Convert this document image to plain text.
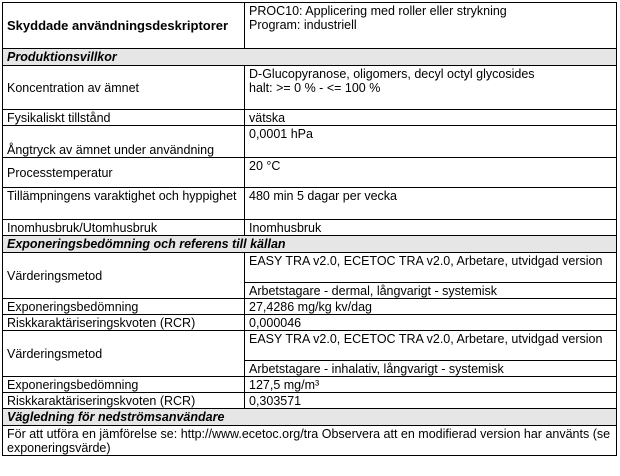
Skyddade användningsdeskriptorer	PROC10: Applicering med roller eller strykning
Program: industriell

Produktionsvillkor	
Koncentration av ämnet	D-Glucopyranose, oligomers, decyl octyl glycosides
halt: >= 0 % - <= 100 %

Fysikaliskt tillstånd	vätska
Ångtryck av ämnet under användning	0,0001 hPa
Processtemperatur	20 °C
Tillämpningens varaktighet och hyppighet	480 min 5 dagar per vecka
Inomhusbruk/Utomhusbruk	Inomhusbruk
Exponeringsbedömning och referens till källan	
Värderingsmetod	EASY TRA v2.0, ECETOC TRA v2.0, Arbetare, utvidgad version
	Arbetstagare - dermal, långvarigt - systemisk
Exponeringsbedömning	27,4286 mg/kg kv/dag
Riskkaraktäriseringskvoten (RCR)	0,000046
Värderingsmetod	EASY TRA v2.0, ECETOC TRA v2.0, Arbetare, utvidgad version
	Arbetstagare - inhalativ, långvarigt - systemisk
Exponeringsbedömning	127,5 mg/m³
Riskkaraktäriseringskvoten (RCR)	0,303571
Vägledning för nedströmsanvändare	
För att utföra en jämförelse se: http://www.ecetoc.org/tra Observera att en modifierad version har använts (se exponeringsvärde)	
